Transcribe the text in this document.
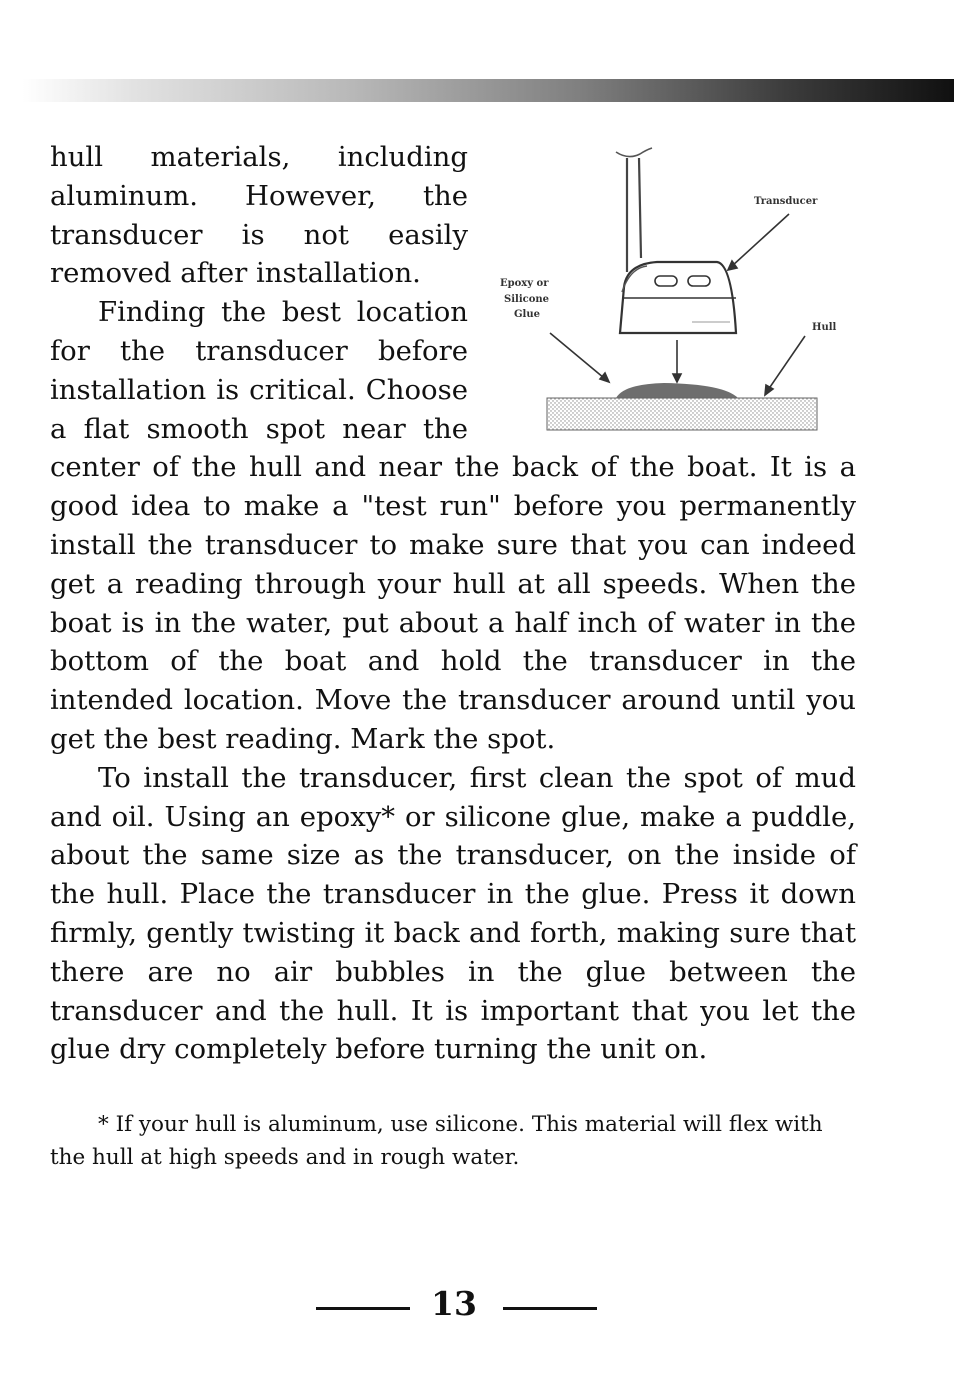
Transducer
Epoxy or
Silicone
Glue
Hull

hull materials, including aluminum. However, the transducer is not easily removed after installation.

Finding the best location for the transducer before installation is critical. Choose a flat smooth spot near the center of the hull and near the back of the boat. It is a good idea to make a "test run" before you permanently install the transducer to make sure that you can indeed get a reading through your hull at all speeds. When the boat is in the water, put about a half inch of water in the bottom of the boat and hold the transducer in the intended location. Move the transducer around until you get the best reading. Mark the spot.

To install the transducer, first clean the spot of mud and oil. Using an epoxy* or silicone glue, make a puddle, about the same size as the transducer, on the inside of the hull. Place the transducer in the glue. Press it down firmly, gently twisting it back and forth, making sure that there are no air bubbles in the glue between the transducer and the hull. It is important that you let the glue dry completely before turning the unit on.

* If your hull is aluminum, use silicone. This material will flex with the hull at high speeds and in rough water.
13
